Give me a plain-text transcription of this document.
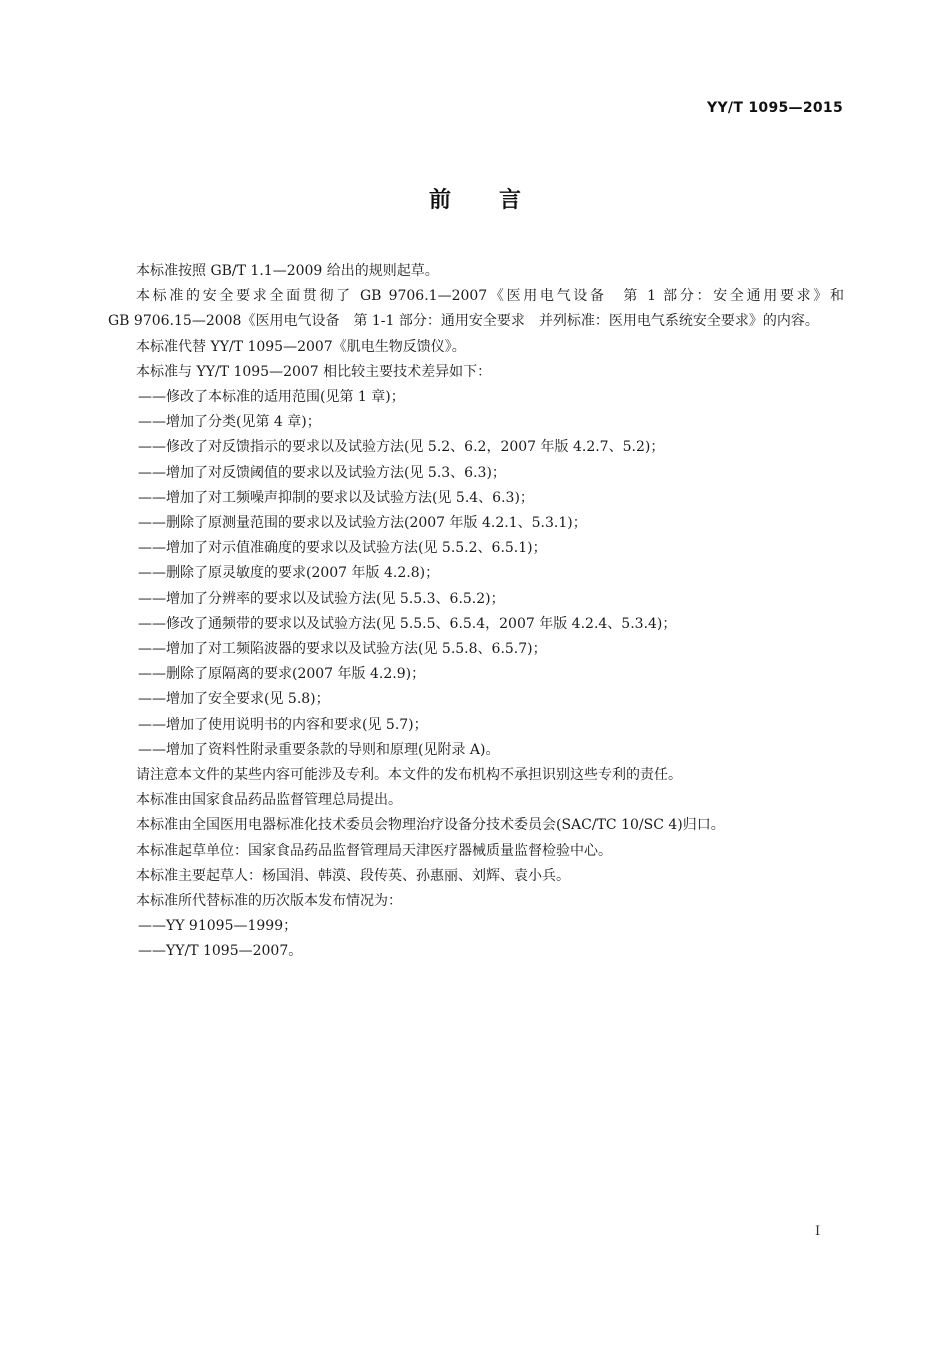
YY/T 1095—2015
前言

本标准按照 GB/T 1.1—2009 给出的规则起草。

本标准的安全要求全面贯彻了 GB 9706.1—2007《医用电气设备　第 1 部分：安全通用要求》和

GB 9706.15—2008《医用电气设备　第 1-1 部分：通用安全要求　并列标准：医用电气系统安全要求》的内容。

本标准代替 YY/T 1095—2007《肌电生物反馈仪》。

本标准与 YY/T 1095—2007 相比较主要技术差异如下：

——修改了本标准的适用范围(见第 1 章)；
——增加了分类(见第 4 章)；
——修改了对反馈指示的要求以及试验方法(见 5.2、6.2，2007 年版 4.2.7、5.2)；
——增加了对反馈阈值的要求以及试验方法(见 5.3、6.3)；
——增加了对工频噪声抑制的要求以及试验方法(见 5.4、6.3)；
——删除了原测量范围的要求以及试验方法(2007 年版 4.2.1、5.3.1)；
——增加了对示值准确度的要求以及试验方法(见 5.5.2、6.5.1)；
——删除了原灵敏度的要求(2007 年版 4.2.8)；
——增加了分辨率的要求以及试验方法(见 5.5.3、6.5.2)；
——修改了通频带的要求以及试验方法(见 5.5.5、6.5.4，2007 年版 4.2.4、5.3.4)；
——增加了对工频陷波器的要求以及试验方法(见 5.5.8、6.5.7)；
——删除了原隔离的要求(2007 年版 4.2.9)；
——增加了安全要求(见 5.8)；
——增加了使用说明书的内容和要求(见 5.7)；
——增加了资料性附录重要条款的导则和原理(见附录 A)。

请注意本文件的某些内容可能涉及专利。本文件的发布机构不承担识别这些专利的责任。

本标准由国家食品药品监督管理总局提出。

本标准由全国医用电器标准化技术委员会物理治疗设备分技术委员会(SAC/TC 10/SC 4)归口。

本标准起草单位：国家食品药品监督管理局天津医疗器械质量监督检验中心。

本标准主要起草人：杨国涓、韩漠、段传英、孙惠丽、刘辉、袁小兵。

本标准所代替标准的历次版本发布情况为：

——YY 91095—1999；
——YY/T 1095—2007。
I
